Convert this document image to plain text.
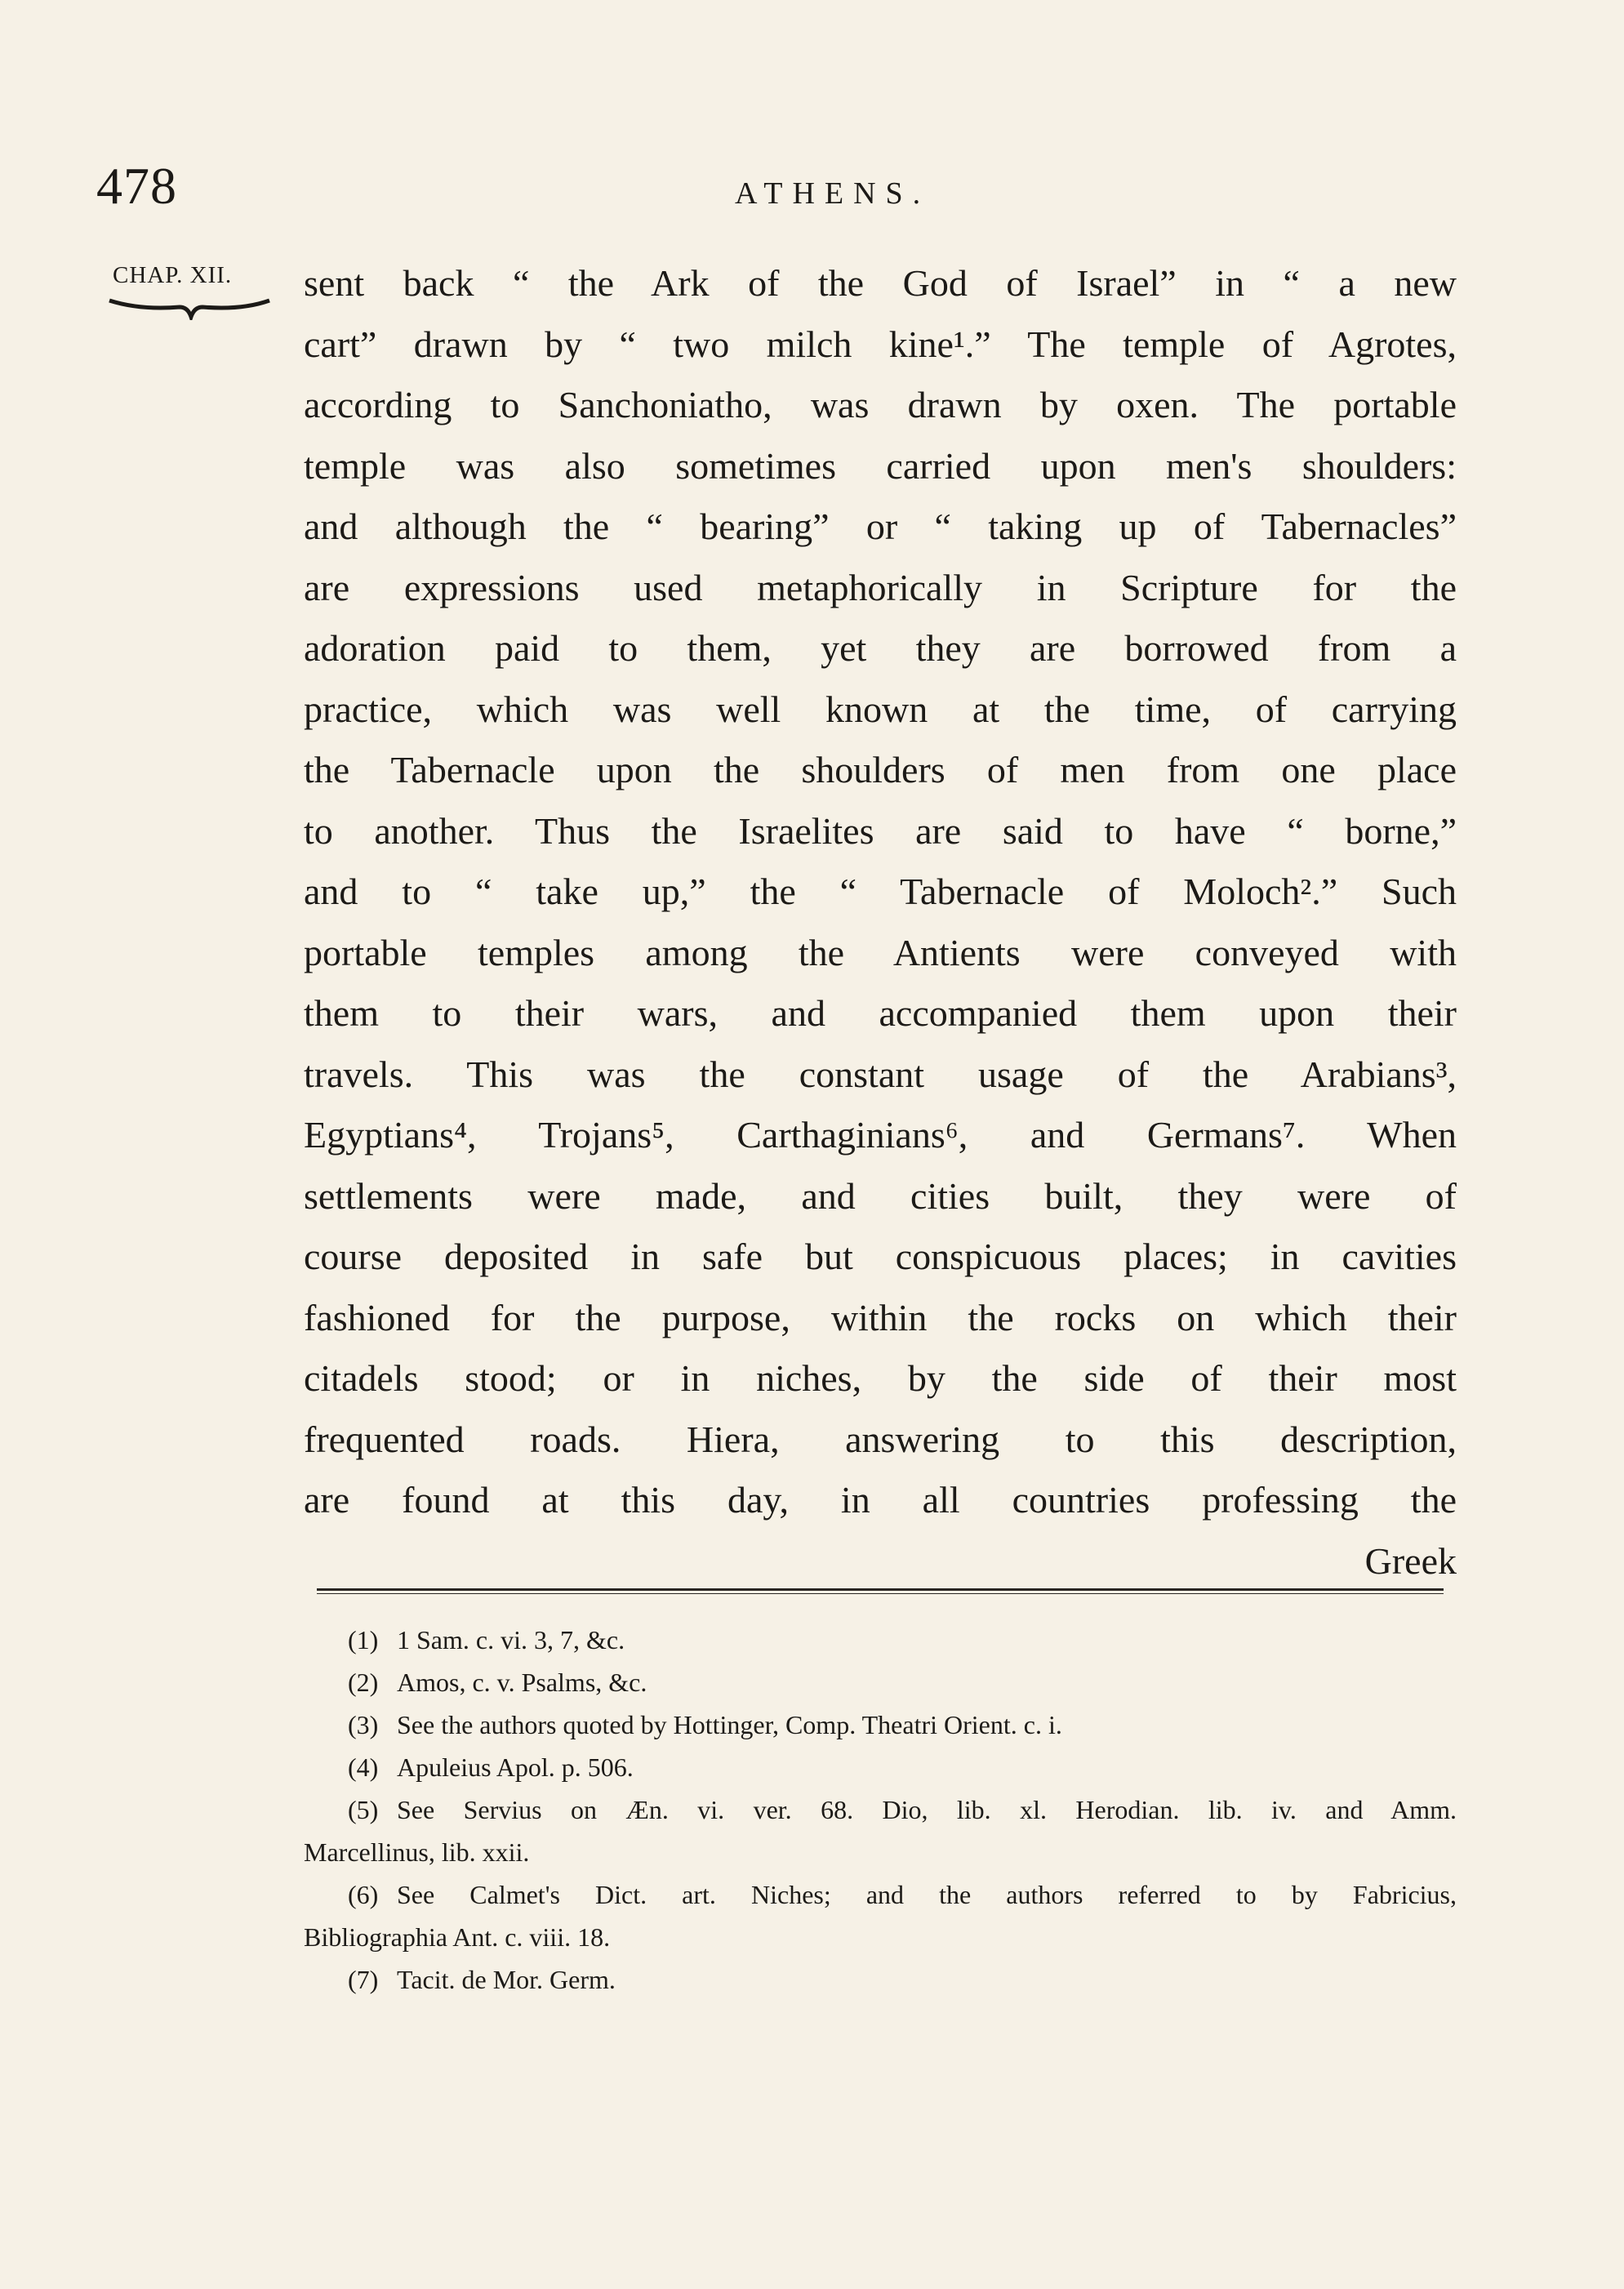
478	ATHENS.
CHAP. XII. sent back “ the Ark of the God of Israel” in “ a new
cart” drawn by “ two milch kine¹.” The temple of Agrotes,
according to Sanchoniatho, was drawn by oxen. The portable
temple was also sometimes carried upon men's shoulders:
and although the “ bearing” or “ taking up of Tabernacles”
are expressions used metaphorically in Scripture for the
adoration paid to them, yet they are borrowed from a
practice, which was well known at the time, of carrying
the Tabernacle upon the shoulders of men from one place
to another. Thus the Israelites are said to have “ borne,”
and to “ take up,” the “ Tabernacle of Moloch².” Such
portable temples among the Antients were conveyed with
them to their wars, and accompanied them upon their
travels. This was the constant usage of the Arabians³,
Egyptians⁴, Trojans⁵, Carthaginians⁶, and Germans⁷. When
settlements were made, and cities built, they were of
course deposited in safe but conspicuous places; in cavities
fashioned for the purpose, within the rocks on which their
citadels stood; or in niches, by the side of their most
frequented roads. Hiera, answering to this description,
are found at this day, in all countries professing the
Greek
(1) 1 Sam. c. vi. 3, 7, &c.
(2) Amos, c. v. Psalms, &c.
(3) See the authors quoted by Hottinger, Comp. Theatri Orient. c. i.
(4) Apuleius Apol. p. 506.
(5) See Servius on Æn. vi. ver. 68. Dio, lib. xl. Herodian. lib. iv. and Amm.
Marcellinus, lib. xxii.
(6) See Calmet's Dict. art. Niches; and the authors referred to by Fabricius,
Bibliographia Ant. c. viii. 18.
(7) Tacit. de Mor. Germ.
